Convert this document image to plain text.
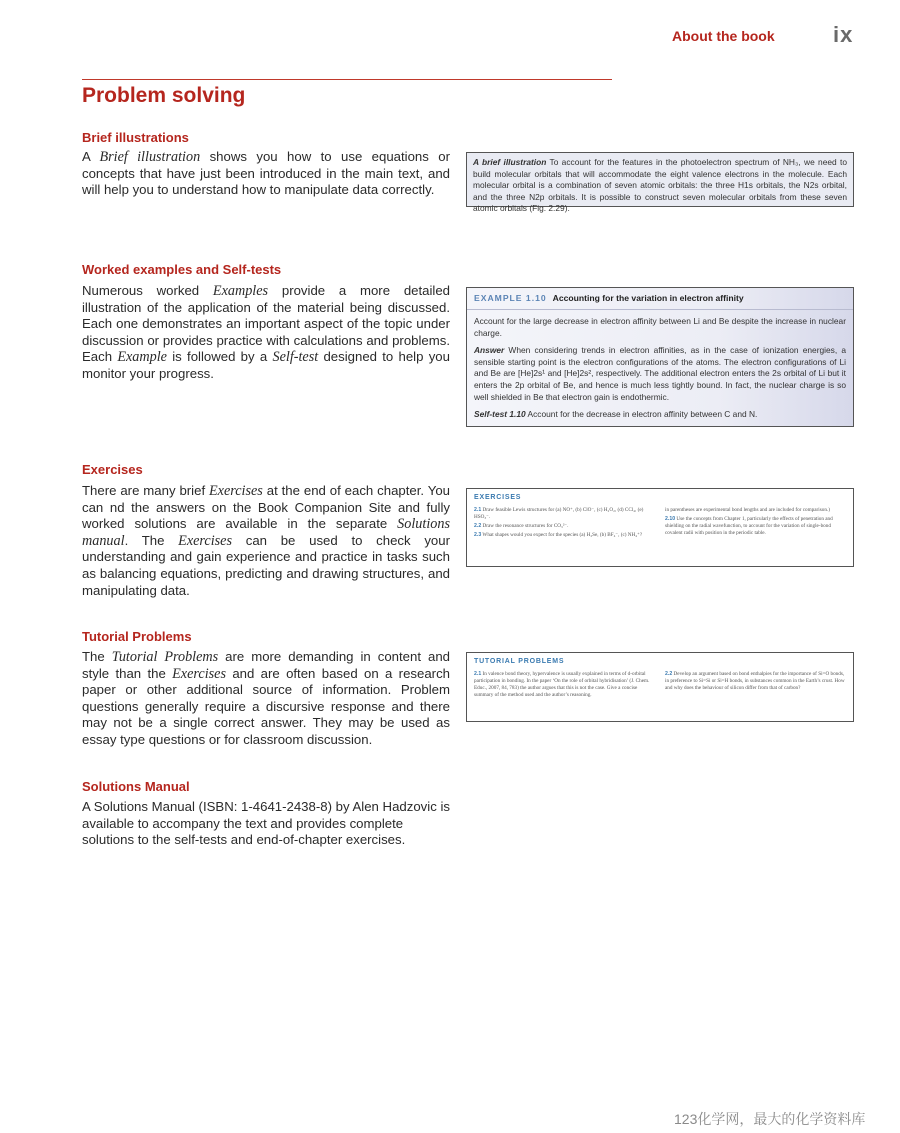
About the book	ix
Problem solving
Brief illustrations

A Brief illustration shows you how to use equations or concepts that have just been introduced in the main text, and will help you to understand how to manipulate data correctly.

Worked examples and Self-tests

Numerous worked Examples provide a more detailed illustration of the application of the material being discussed. Each one demonstrates an important aspect of the topic under discussion or provides practice with calculations and problems. Each Example is followed by a Self-test designed to help you monitor your progress.

Exercises

There are many brief Exercises at the end of each chapter. You can nd the answers on the Book Companion Site and fully worked solutions are available in the separate Solutions manual. The Exercises can be used to check your understanding and gain experience and practice in tasks such as balancing equations, predicting and drawing structures, and manipulating data.

Tutorial Problems

The Tutorial Problems are more demanding in content and style than the Exercises and are often based on a research paper or other additional source of information. Problem questions generally require a discursive response and there may not be a single correct answer. They may be used as essay type questions or for classroom discussion.

Solutions Manual

A Solutions Manual (ISBN: 1-4641-2438-8) by Alen Hadzovic is available to accompany the text and provides complete solutions to the self-tests and end-of-chapter exercises.

A brief illustration To account for the features in the photoelectron spectrum of NH₃, we need to build molecular orbitals that will accommodate the eight valence electrons in the molecule. Each molecular orbital is a combination of seven atomic orbitals: the three H1s orbitals, the N2s orbital, and the three N2p orbitals. It is possible to construct seven molecular orbitals from these seven atomic orbitals (Fig. 2.29).
EXAMPLE 1.10 Accounting for the variation in electron affinity

Account for the large decrease in electron affinity between Li and Be despite the increase in nuclear charge.

Answer When considering trends in electron affinities, as in the case of ionization energies, a sensible starting point is the electron configurations of the atoms. The electron configurations of Li and Be are [He]2s¹ and [He]2s², respectively. The additional electron enters the 2s orbital of Li but it enters the 2p orbital of Be, and hence is much less tightly bound. In fact, the nuclear charge is so well shielded in Be that electron gain is endothermic.

Self-test 1.10 Account for the decrease in electron affinity between C and N.

EXERCISES

2.1 Draw feasible Lewis structures for (a) NO⁺, (b) ClO⁻, (c) H₂O₂, (d) CCl₄, (e) HSO₃⁻.

2.2 Draw the resonance structures for CO₃²⁻.

2.3 What shapes would you expect for the species (a) H₂Se, (b) BF₄⁻, (c) NH₄⁺?

in parentheses are experimental bond lengths and are included for comparison.)

2.10 Use the concepts from Chapter 1, particularly the effects of penetration and shielding on the radial wavefunction, to account for the variation of single-bond covalent radii with position in the periodic table.

TUTORIAL PROBLEMS

2.1 In valence bond theory, hypervalence is usually explained in terms of d-orbital participation in bonding. In the paper ‘On the role of orbital hybridisation’ (J. Chem. Educ., 2007, 84, 783) the author argues that this is not the case. Give a concise summary of the method used and the author’s reasoning.

2.2 Develop an argument based on bond enthalpies for the importance of Si=O bonds, in preference to Si=Si or Si=H bonds, in substances common in the Earth’s crust. How and why does the behaviour of silicon differ from that of carbon?

123化学网，最大的化学资料库
